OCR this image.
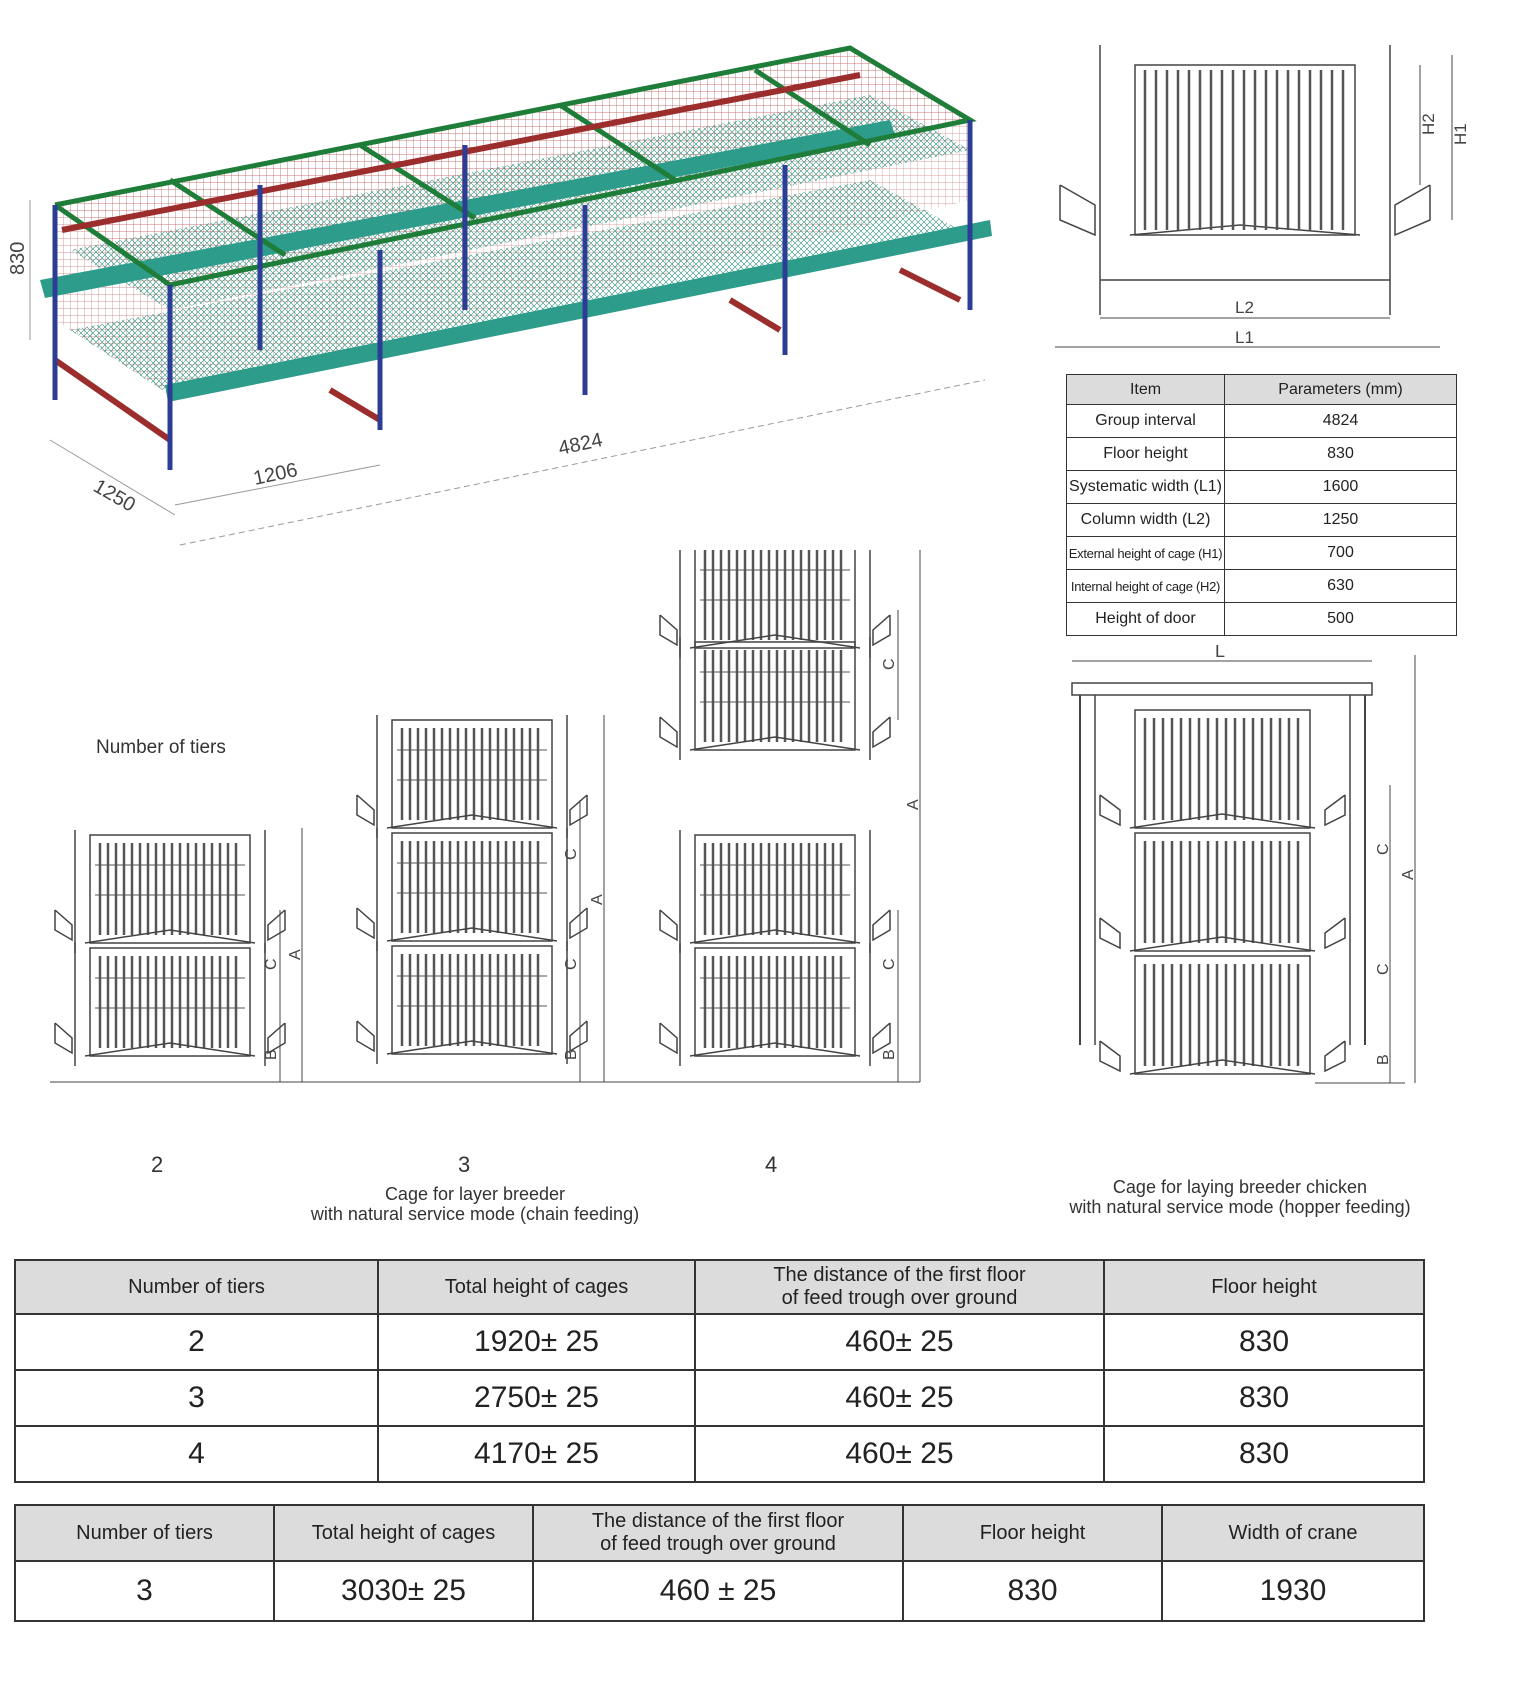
830
1250
1206
4824
L2
L1
H2 H1
Item	Parameters (mm)
Group interval	4824
Floor height	830
Systematic width (L1)	1600
Column width (L2)	1250
External height of cage (H1)	700
Internal height of cage (H2)	630
Height of door	500
A
C
B
A
C
C
B
A
C
C
B
L
A
C
C
B
Number of tiers
2	3	4
Cage for layer breeder
with natural service mode (chain feeding)
Cage for laying breeder chicken
with natural service mode (hopper feeding)
Number of tiers	Total height of cages	The distance of the first floor
of feed trough over ground	Floor height
2	1920± 25	460± 25	830
3	2750± 25	460± 25	830
4	4170± 25	460± 25	830
Number of tiers	Total height of cages	The distance of the first floor
of feed trough over ground	Floor height	Width of crane
3	3030± 25	460 ± 25	830	1930
